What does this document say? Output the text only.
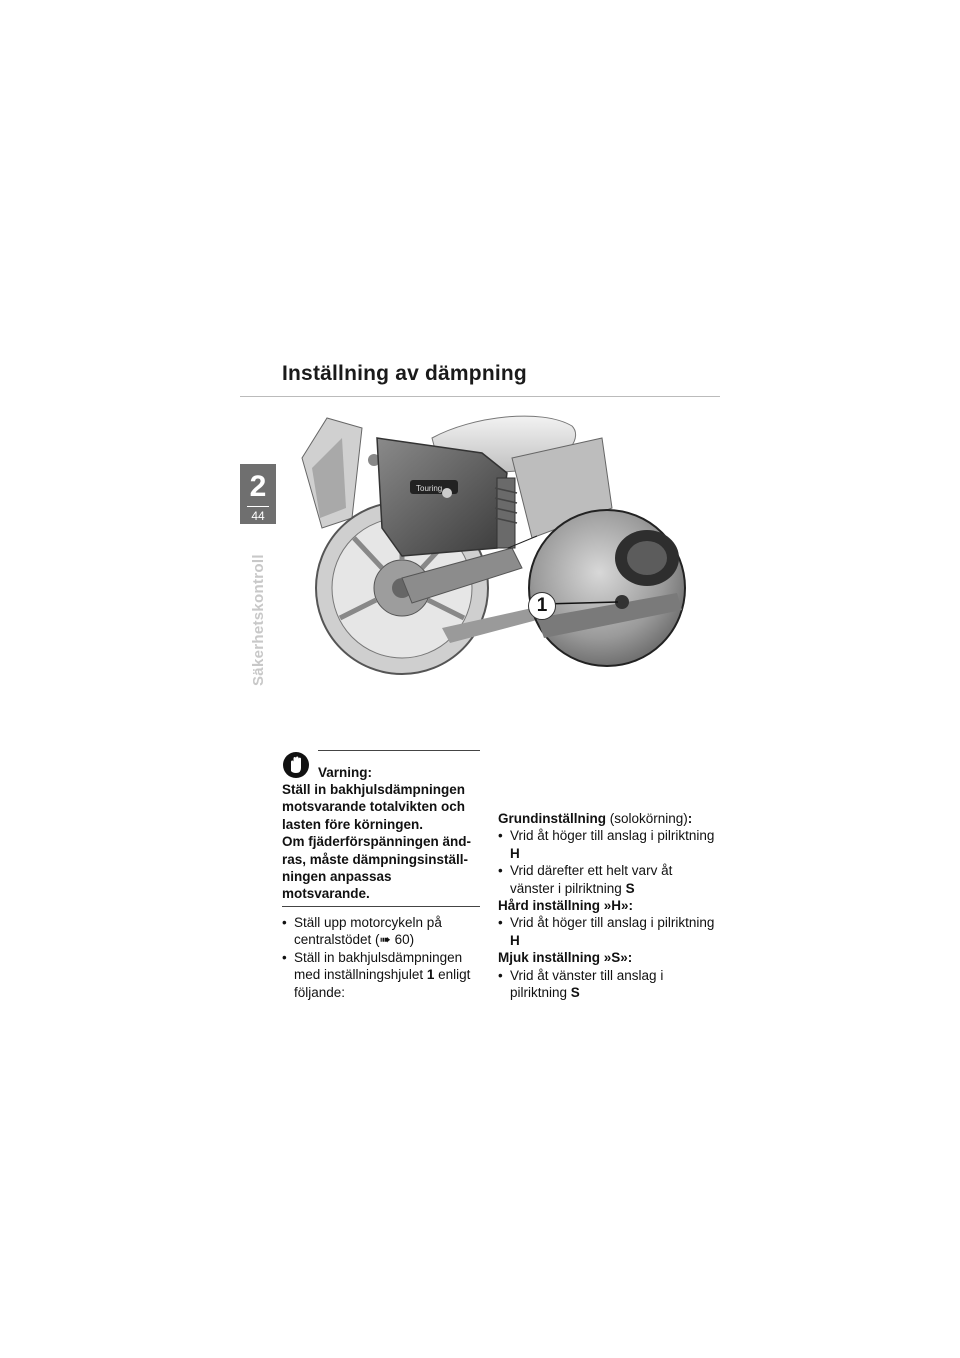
Inställning av dämpning
2
44
Säkerhetskontroll
Touring
1
Varning:

Ställ in bakhjulsdämpningen motsvarande totalvikten och lasten före körningen.

Om fjäderförspänningen änd-ras, måste dämpningsinställ-ningen anpassas motsvarande.

• Ställ upp motorcykeln på centralstödet (➠ 60)
• Ställ in bakhjulsdämpningen med inställningshjulet 1 enligt följande:
Grundinställning (solokörning):
• Vrid åt höger till anslag i pilriktning H
• Vrid därefter ett helt varv åt vänster i pilriktning S
Hård inställning »H»:
• Vrid åt höger till anslag i pilriktning H
Mjuk inställning »S»:
• Vrid åt vänster till anslag i pilriktning S
